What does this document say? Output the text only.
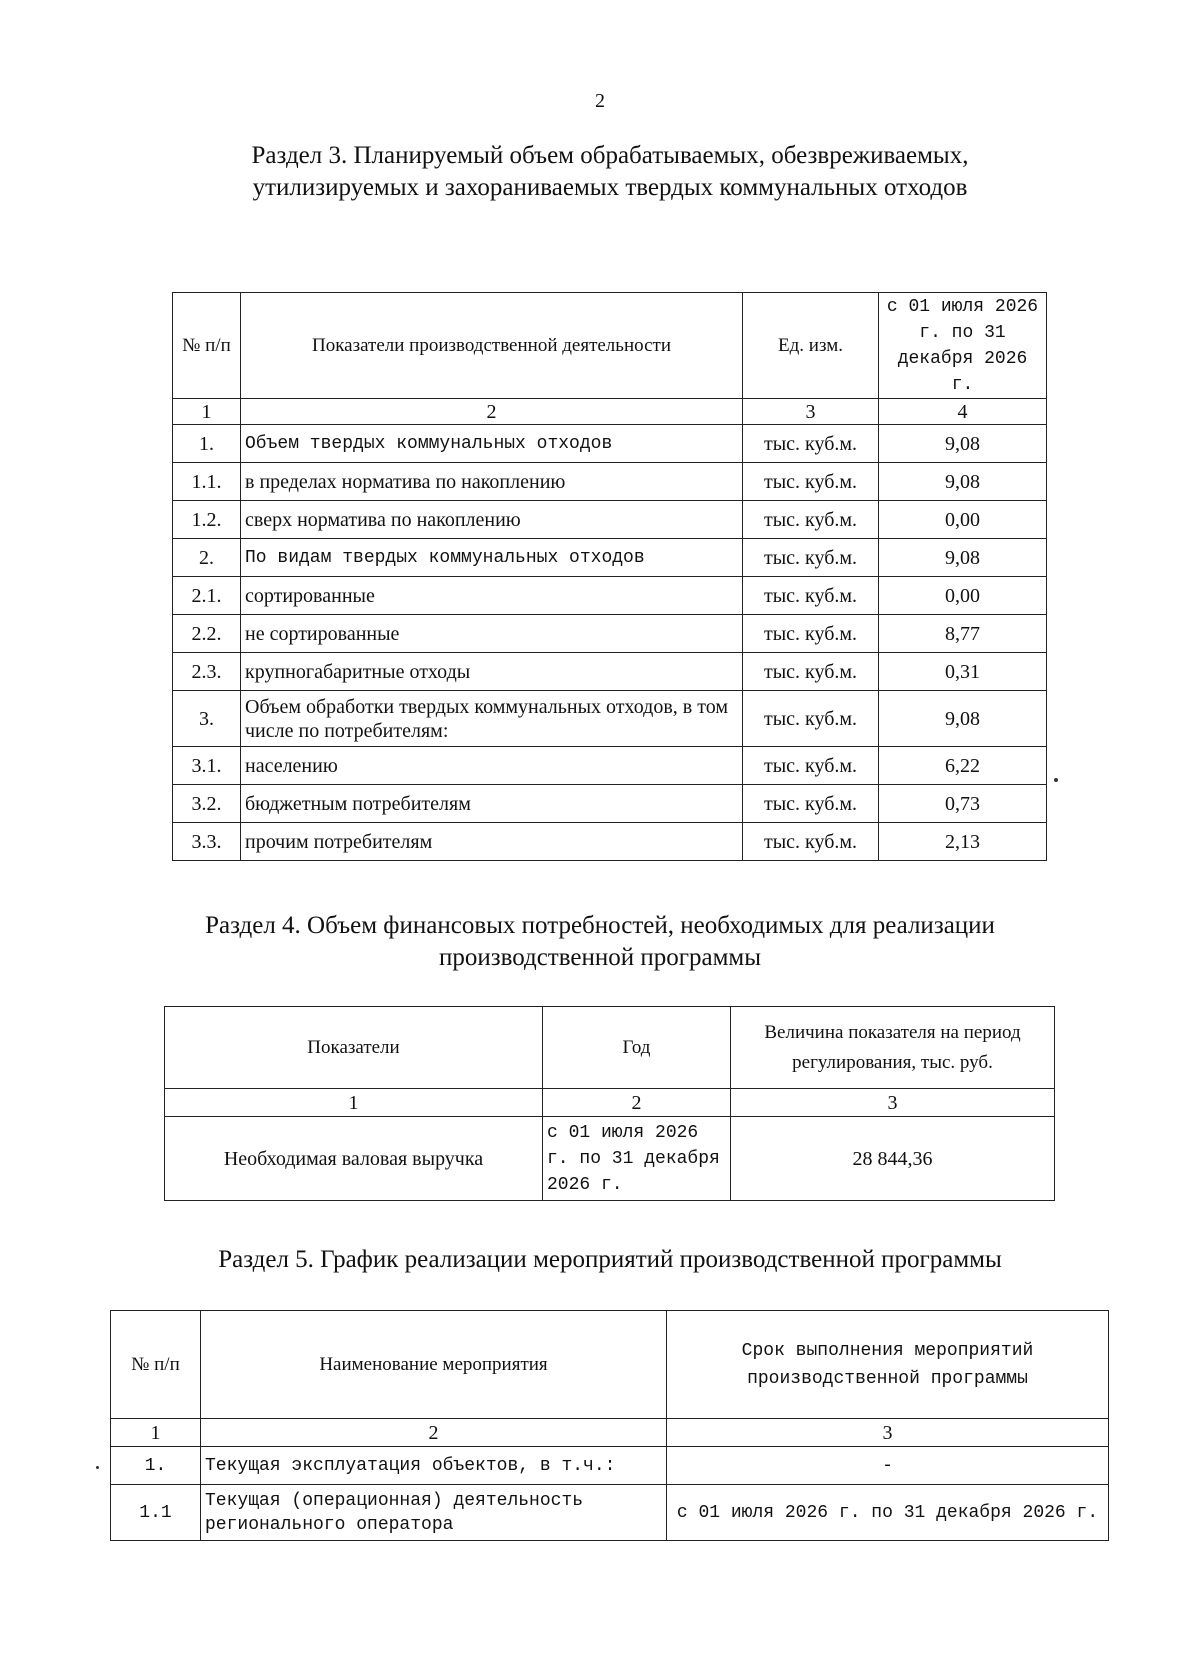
2
Раздел 3. Планируемый объем обрабатываемых, обезвреживаемых,
утилизируемых и захораниваемых твердых коммунальных отходов
№ п/п	Показатели производственной деятельности	Ед. изм.	с 01 июля 2026 г. по 31 декабря 2026 г.
1	2	3	4
1.	Объем твердых коммунальных отходов	тыс. куб.м.	9,08
1.1.	в пределах норматива по накоплению	тыс. куб.м.	9,08
1.2.	сверх норматива по накоплению	тыс. куб.м.	0,00
2.	По видам твердых коммунальных отходов	тыс. куб.м.	9,08
2.1.	сортированные	тыс. куб.м.	0,00
2.2.	не сортированные	тыс. куб.м.	8,77
2.3.	крупногабаритные отходы	тыс. куб.м.	0,31
3.	Объем обработки твердых коммунальных отходов, в том числе по потребителям:	тыс. куб.м.	9,08
3.1.	населению	тыс. куб.м.	6,22
3.2.	бюджетным потребителям	тыс. куб.м.	0,73
3.3.	прочим потребителям	тыс. куб.м.	2,13
Раздел 4. Объем финансовых потребностей, необходимых для реализации
производственной программы
Показатели	Год	Величина показателя на период регулирования, тыс. руб.
1	2	3
Необходимая валовая выручка	с 01 июля 2026 г. по 31 декабря 2026 г.	28 844,36
Раздел 5. График реализации мероприятий производственной программы
№ п/п	Наименование мероприятия	Срок выполнения мероприятий производственной программы
1	2	3
1.	Текущая эксплуатация объектов, в т.ч.:	-
1.1	Текущая (операционная) деятельность регионального оператора	с 01 июля 2026 г. по 31 декабря 2026 г.
